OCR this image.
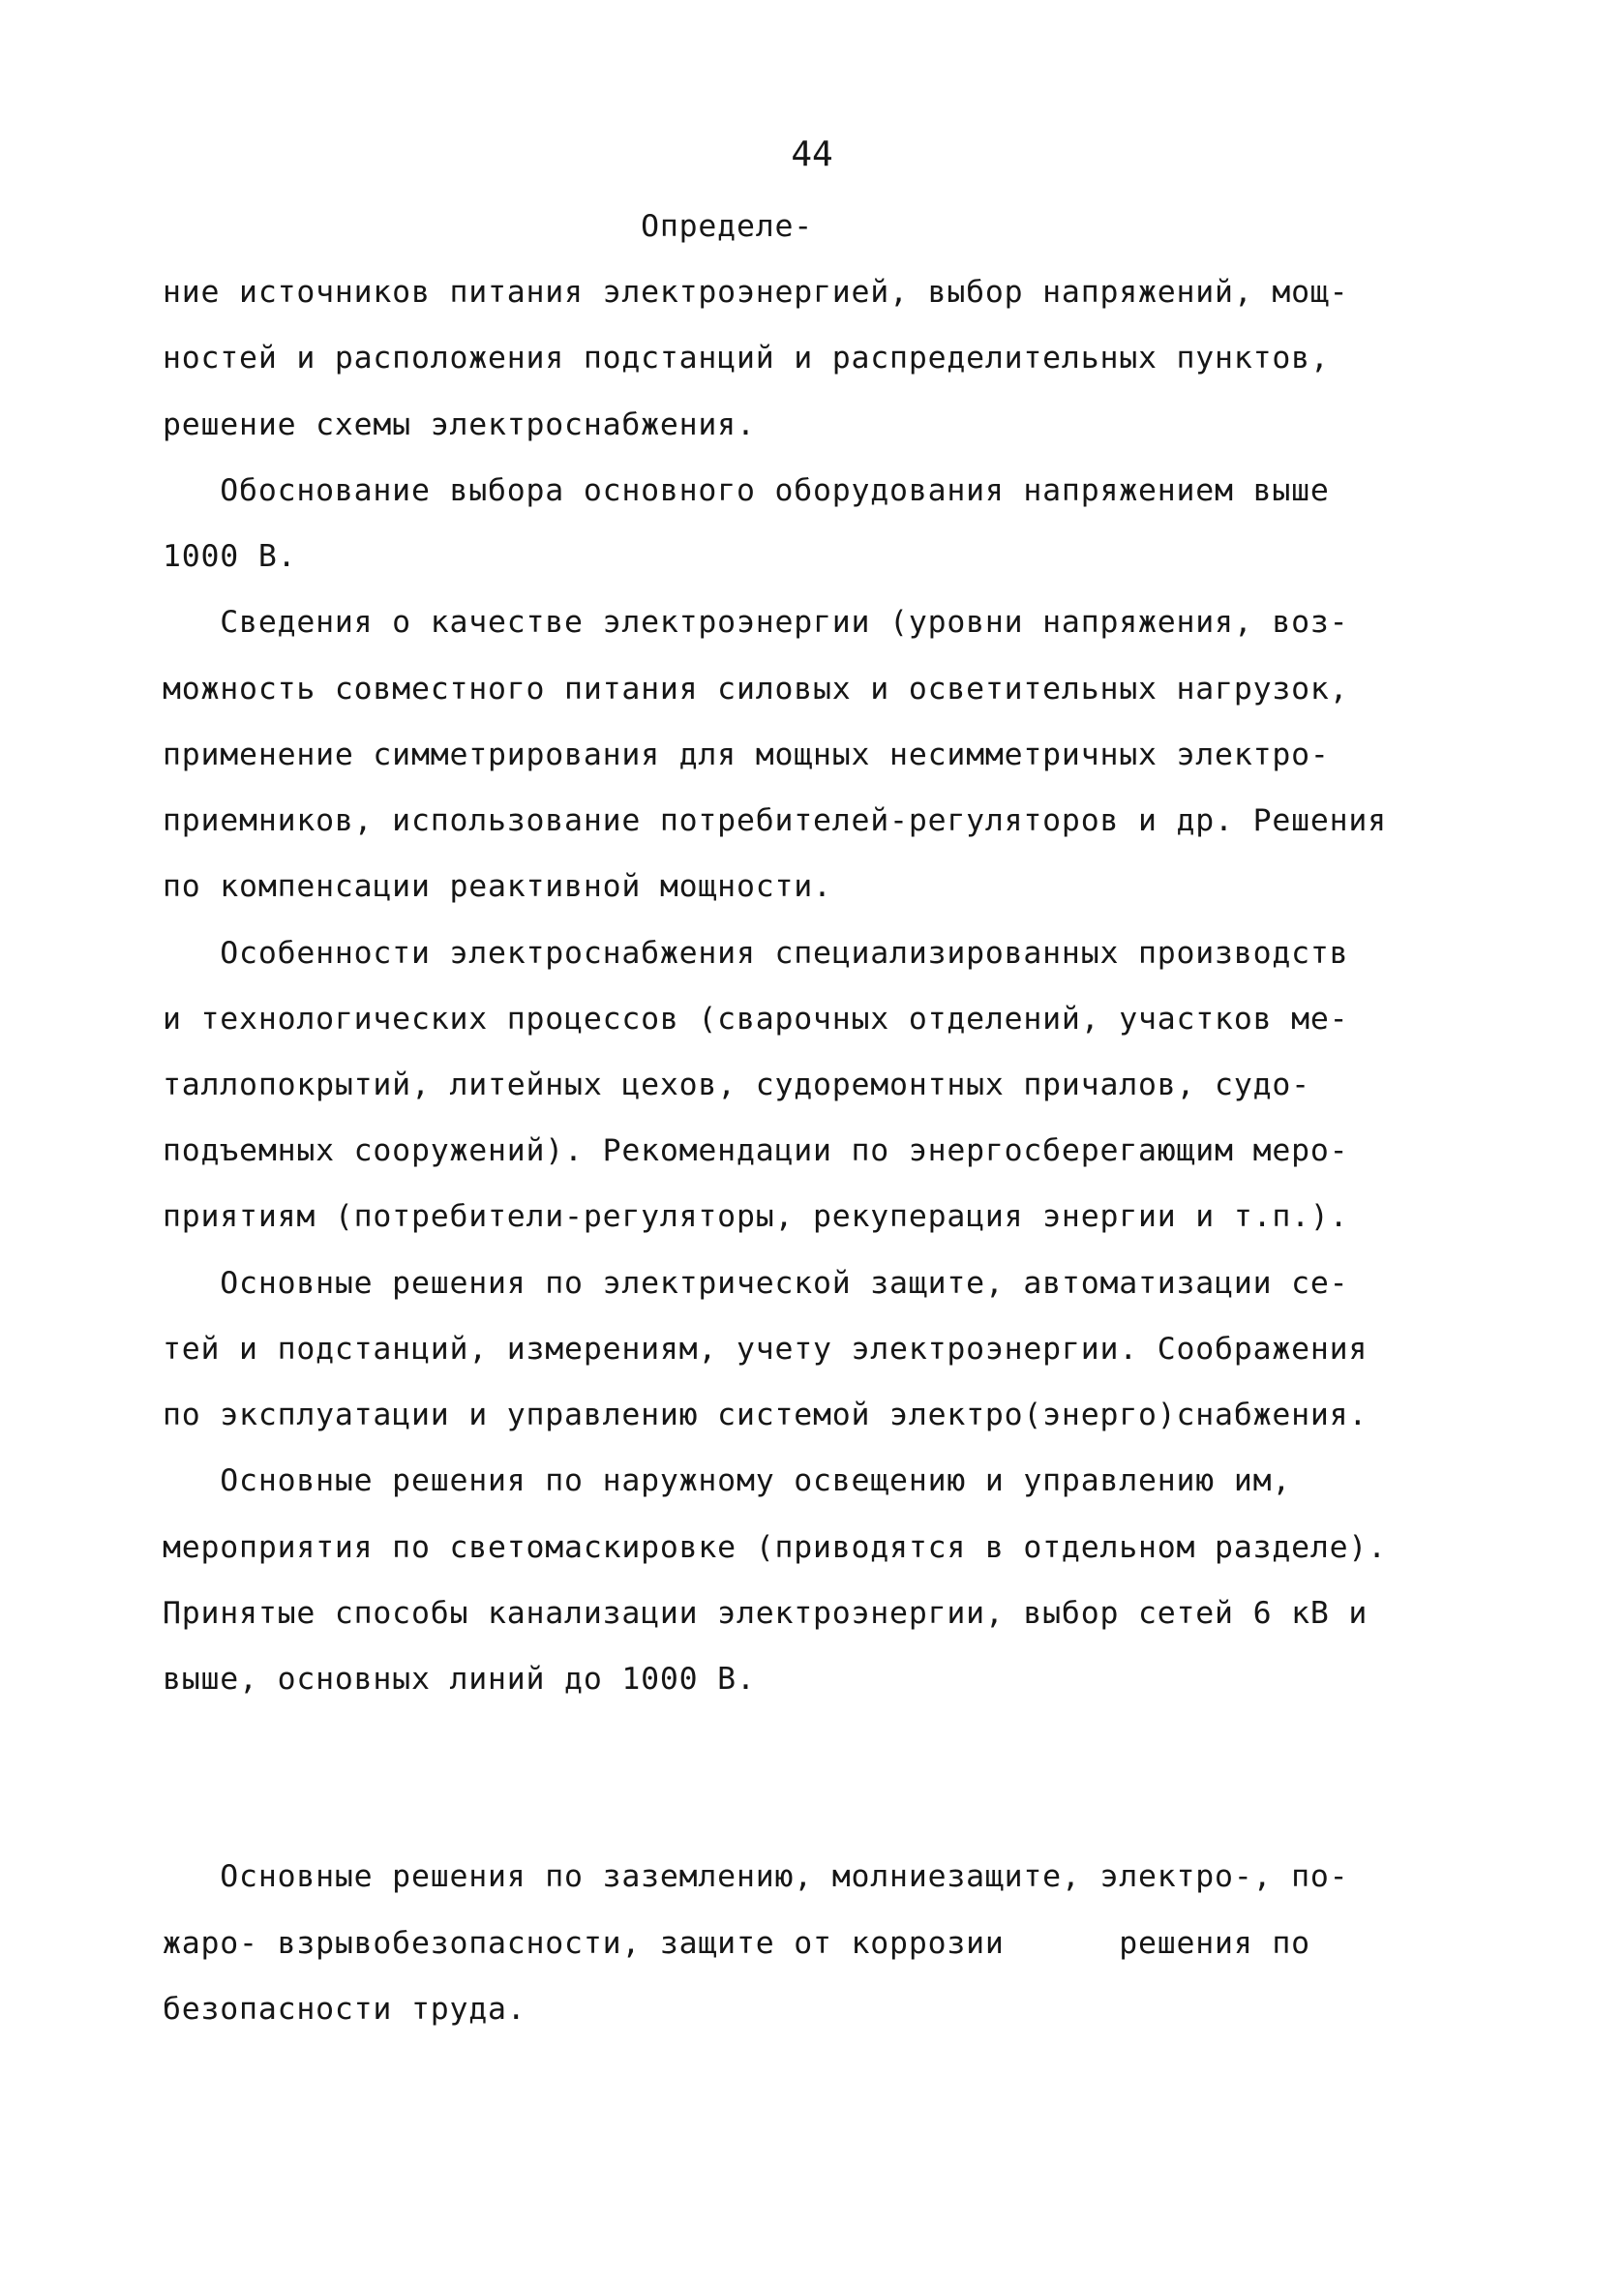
44
Определе-
ние источников питания электроэнергией, выбор напряжений, мощ-
ностей и расположения подстанций и распределительных пунктов,
решение схемы электроснабжения.
Обоснование выбора основного оборудования напряжением выше
1000 В.
Сведения о качестве электроэнергии (уровни напряжения, воз-
можность совместного питания силовых и осветительных нагрузок,
применение симметрирования для мощных несимметричных электро-
приемников, использование потребителей-регуляторов и др. Решения
по компенсации реактивной мощности.
Особенности электроснабжения специализированных производств
и технологических процессов (сварочных отделений, участков ме-
таллопокрытий, литейных цехов, судоремонтных причалов, судо-
подъемных сооружений). Рекомендации по энергосберегающим меро-
приятиям (потребители-регуляторы, рекуперация энергии и т.п.).
Основные решения по электрической защите, автоматизации се-
тей и подстанций, измерениям, учету электроэнергии. Соображения
по эксплуатации и управлению системой электро(энерго)снабжения.
Основные решения по наружному освещению и управлению им,
мероприятия по светомаскировке (приводятся в отдельном разделе).
Принятые способы канализации электроэнергии, выбор сетей 6 кВ и
выше, основных линий до 1000 В.
Основные решения по заземлению, молниезащите, электро-, по-
жаро- взрывобезопасности, защите от коррозии      решения по
безопасности труда.
